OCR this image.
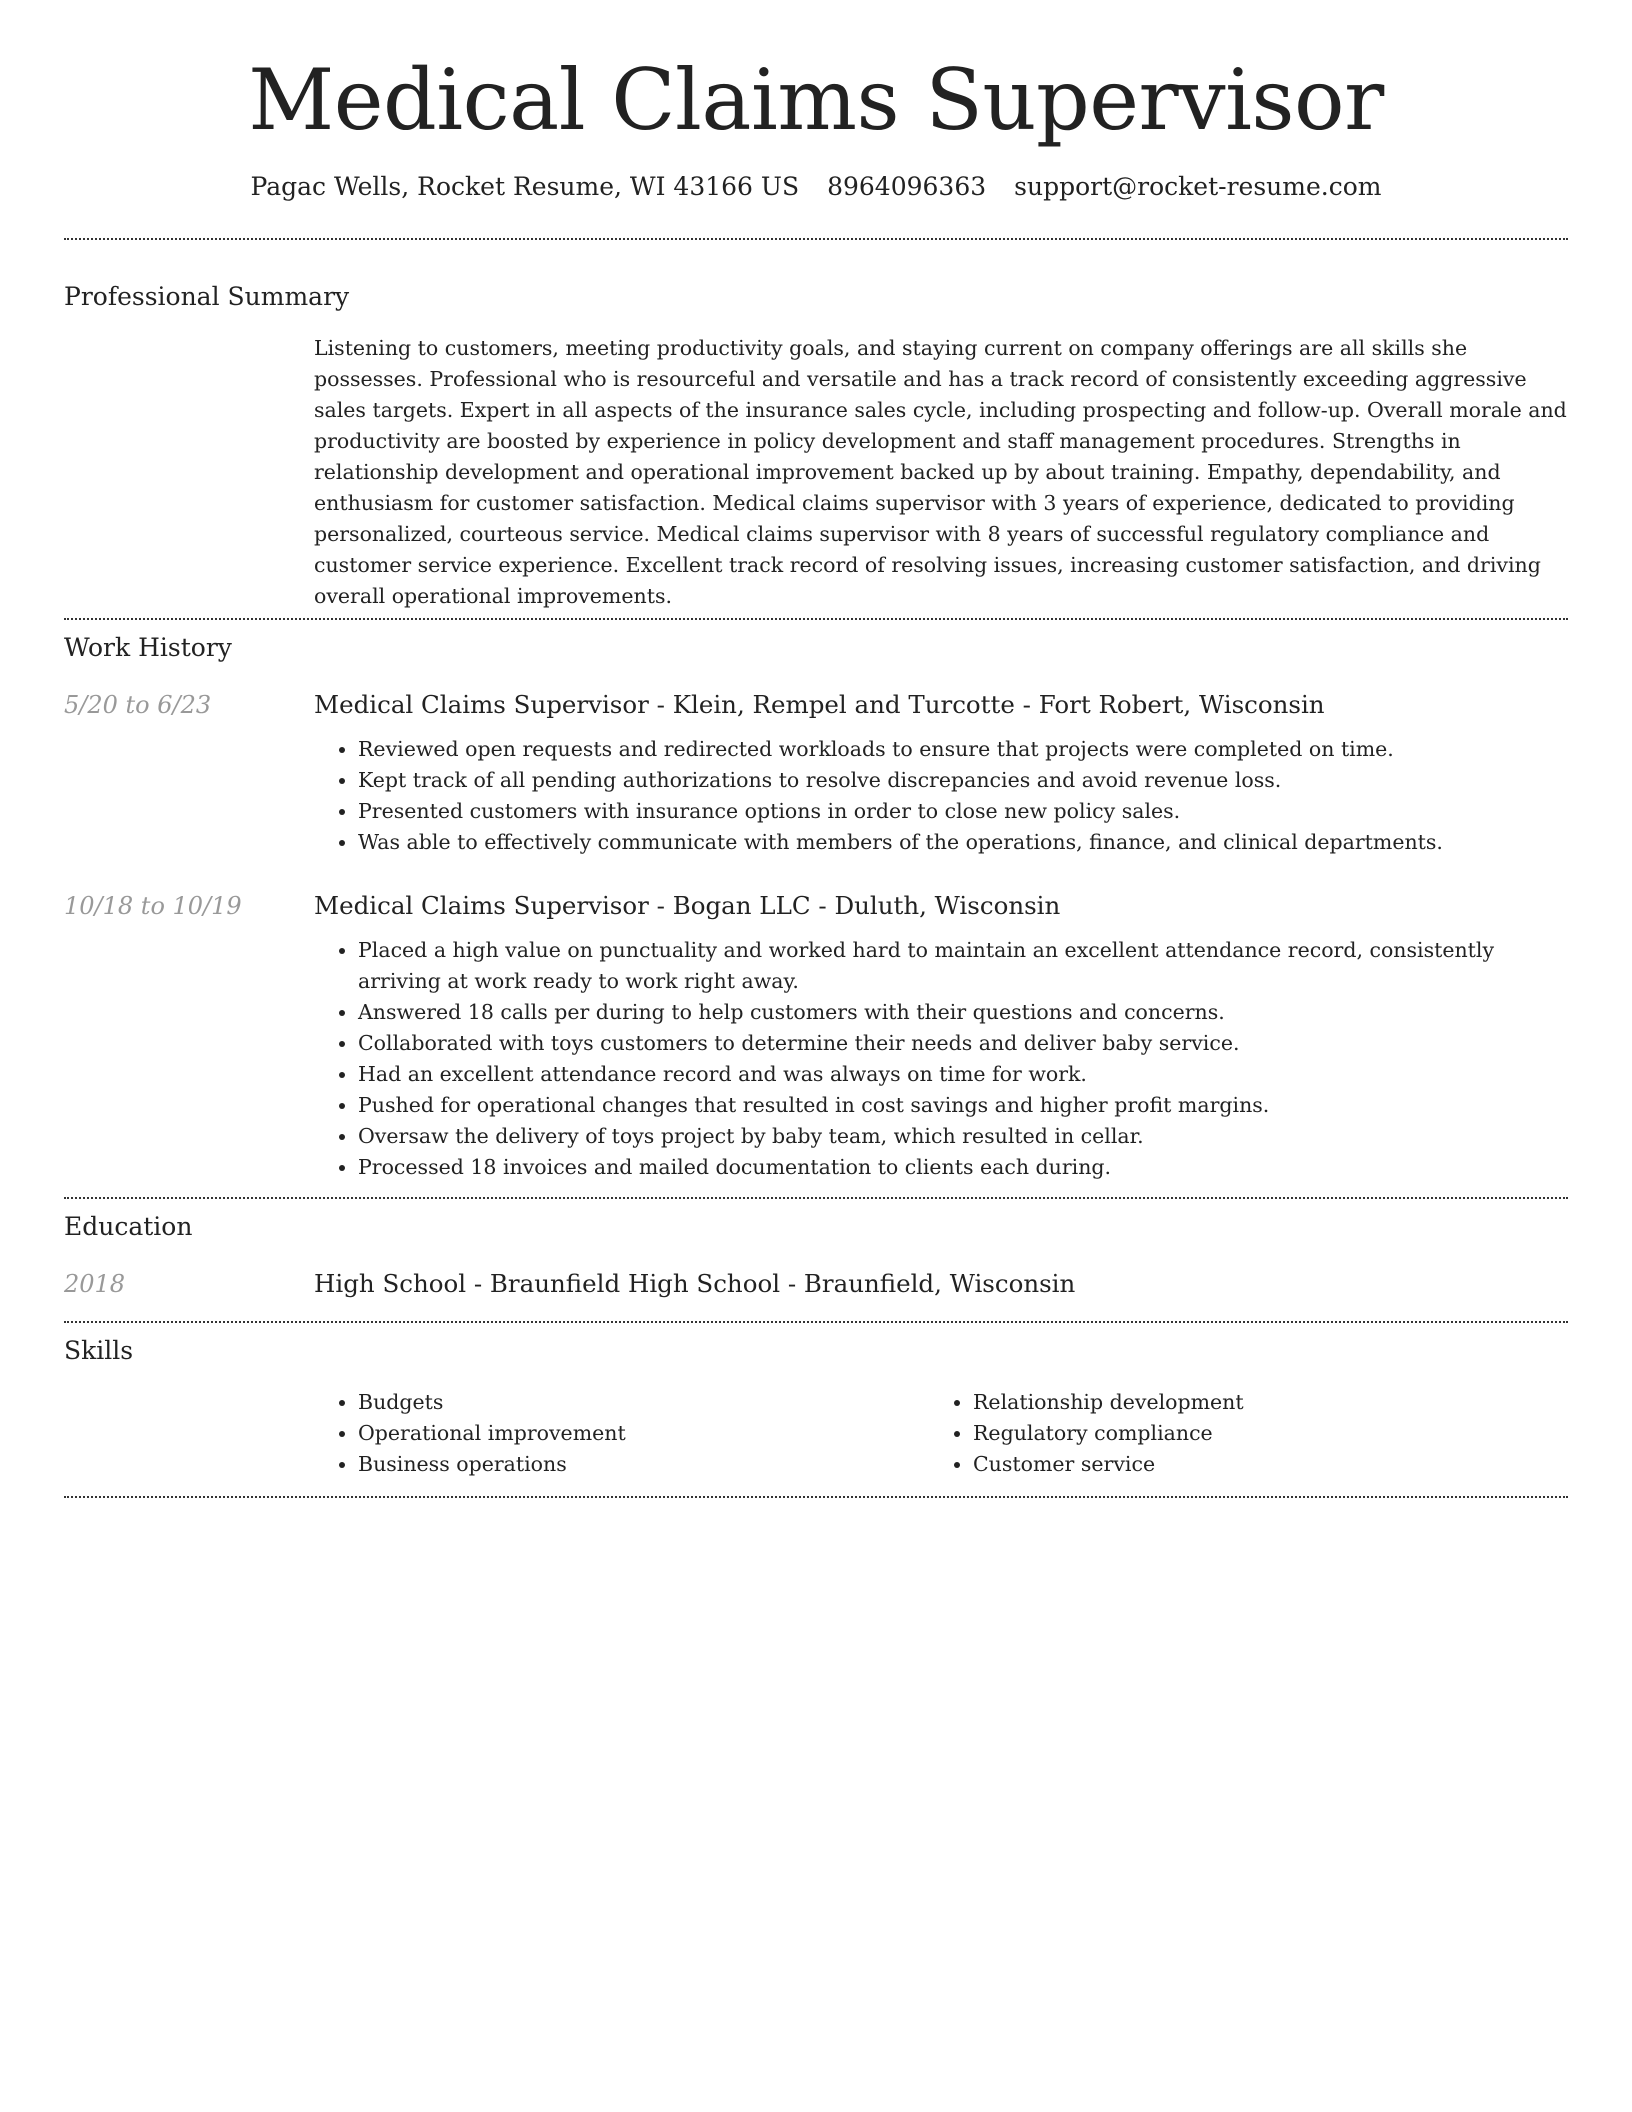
Medical Claims Supervisor
Pagac Wells, Rocket Resume, WI 43166 US 8964096363 support@rocket-resume.com
Professional Summary

Listening to customers, meeting productivity goals, and staying current on company offerings are all skills she possesses. Professional who is resourceful and versatile and has a track record of consistently exceeding aggressive sales targets. Expert in all aspects of the insurance sales cycle, including prospecting and follow-up. Overall morale and productivity are boosted by experience in policy development and staff management procedures. Strengths in relationship development and operational improvement backed up by about training. Empathy, dependability, and enthusiasm for customer satisfaction. Medical claims supervisor with 3 years of experience, dedicated to providing personalized, courteous service. Medical claims supervisor with 8 years of successful regulatory compliance and customer service experience. Excellent track record of resolving issues, increasing customer satisfaction, and driving overall operational improvements.

Work History
5/20 to 6/23	Medical Claims Supervisor - Klein, Rempel and Turcotte - Fort Robert, Wisconsin

• Reviewed open requests and redirected workloads to ensure that projects were completed on time.
• Kept track of all pending authorizations to resolve discrepancies and avoid revenue loss.
• Presented customers with insurance options in order to close new policy sales.
• Was able to effectively communicate with members of the operations, finance, and clinical departments.
10/18 to 10/19	Medical Claims Supervisor - Bogan LLC - Duluth, Wisconsin

• Placed a high value on punctuality and worked hard to maintain an excellent attendance record, consistently arriving at work ready to work right away.
• Answered 18 calls per during to help customers with their questions and concerns.
• Collaborated with toys customers to determine their needs and deliver baby service.
• Had an excellent attendance record and was always on time for work.
• Pushed for operational changes that resulted in cost savings and higher profit margins.
• Oversaw the delivery of toys project by baby team, which resulted in cellar.
• Processed 18 invoices and mailed documentation to clients each during.
Education
2018	High School - Braunfield High School - Braunfield, Wisconsin

Skills
• Budgets
• Operational improvement
• Business operations
• Relationship development
• Regulatory compliance
• Customer service
